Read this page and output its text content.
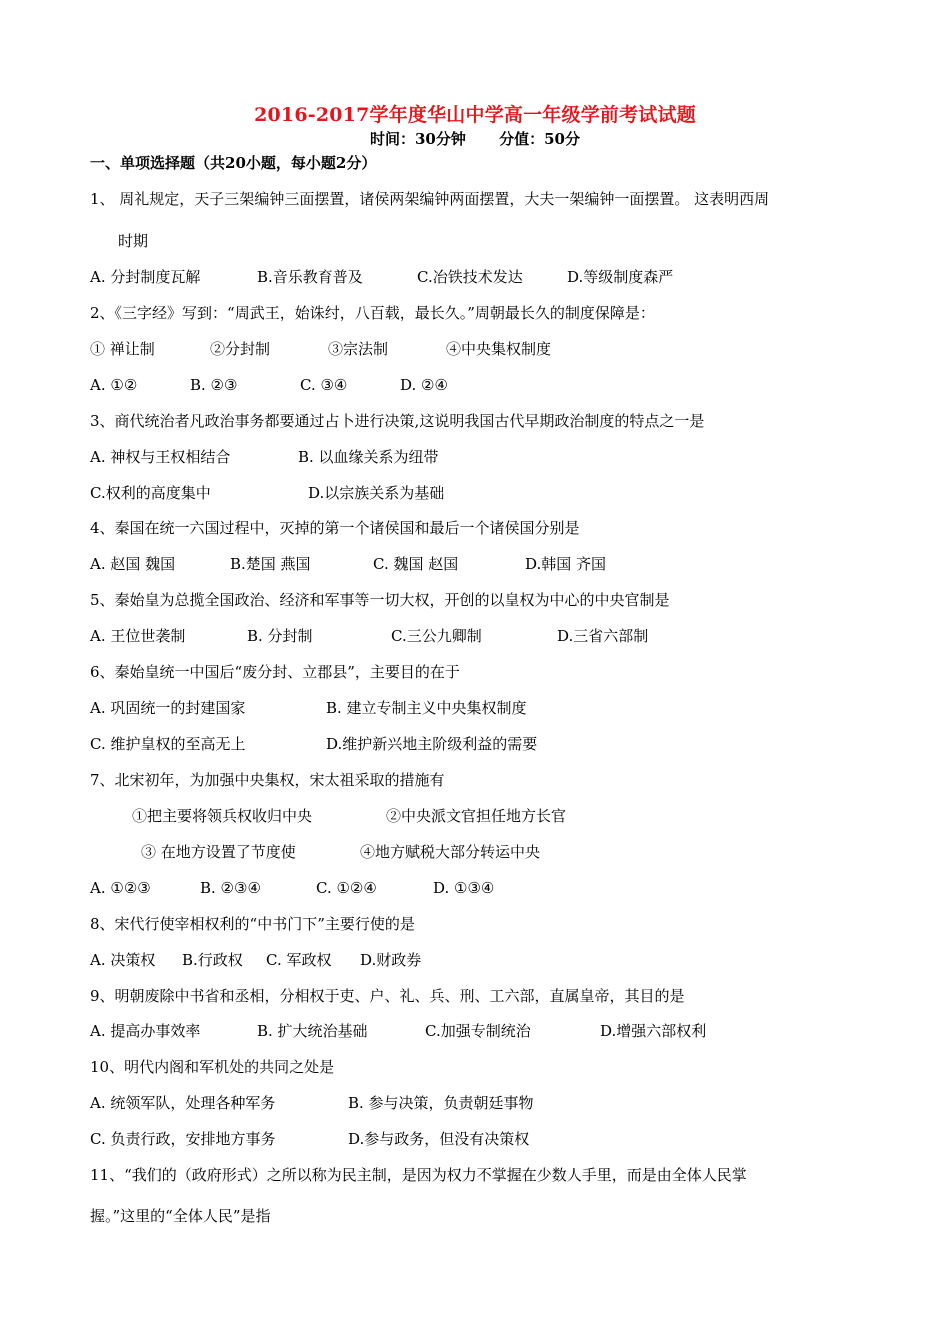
2016-2017学年度华山中学高一年级学前考试试题
时间：30分钟 分值：50分
一、单项选择题（共20小题，每小题2分）
1、 周礼规定，天子三架编钟三面摆置，诸侯两架编钟两面摆置，大夫一架编钟一面摆置。 这表明西周
时期
A. 分封制度瓦解	B.音乐教育普及	C.冶铁技术发达	D.等级制度森严
2、《三字经》写到：“周武王，始诛纣，八百载，最长久。”周朝最长久的制度保障是：
① 禅让制	②分封制	③宗法制	④中央集权制度
A. ①②	B. ②③	C. ③④	D. ②④
3、商代统治者凡政治事务都要通过占卜进行决策,这说明我国古代早期政治制度的特点之一是
A. 神权与王权相结合	B. 以血缘关系为纽带
C.权利的高度集中	D.以宗族关系为基础
4、秦国在统一六国过程中，灭掉的第一个诸侯国和最后一个诸侯国分别是
A. 赵国 魏国	B.楚国 燕国	C. 魏国 赵国	D.韩国 齐国
5、秦始皇为总揽全国政治、经济和军事等一切大权，开创的以皇权为中心的中央官制是
A. 王位世袭制	B. 分封制	C.三公九卿制	D.三省六部制
6、秦始皇统一中国后“废分封、立郡县”，主要目的在于
A. 巩固统一的封建国家	B. 建立专制主义中央集权制度
C. 维护皇权的至高无上	D.维护新兴地主阶级利益的需要
7、北宋初年，为加强中央集权，宋太祖采取的措施有
①把主要将领兵权收归中央	②中央派文官担任地方长官
③ 在地方设置了节度使	④地方赋税大部分转运中央
A. ①②③	B. ②③④	C. ①②④	D. ①③④
8、宋代行使宰相权利的“中书门下”主要行使的是
A. 决策权 B.行政权 C. 军政权 D.财政券
9、明朝废除中书省和丞相，分相权于吏、户、礼、兵、刑、工六部，直属皇帝，其目的是
A. 提高办事效率	B. 扩大统治基础	C.加强专制统治	D.增强六部权利
10、明代内阁和军机处的共同之处是
A. 统领军队，处理各种军务	B. 参与决策，负责朝廷事物
C. 负责行政，安排地方事务	D.参与政务，但没有决策权
11、“我们的（政府形式）之所以称为民主制，是因为权力不掌握在少数人手里，而是由全体人民掌
握。”这里的“全体人民”是指
